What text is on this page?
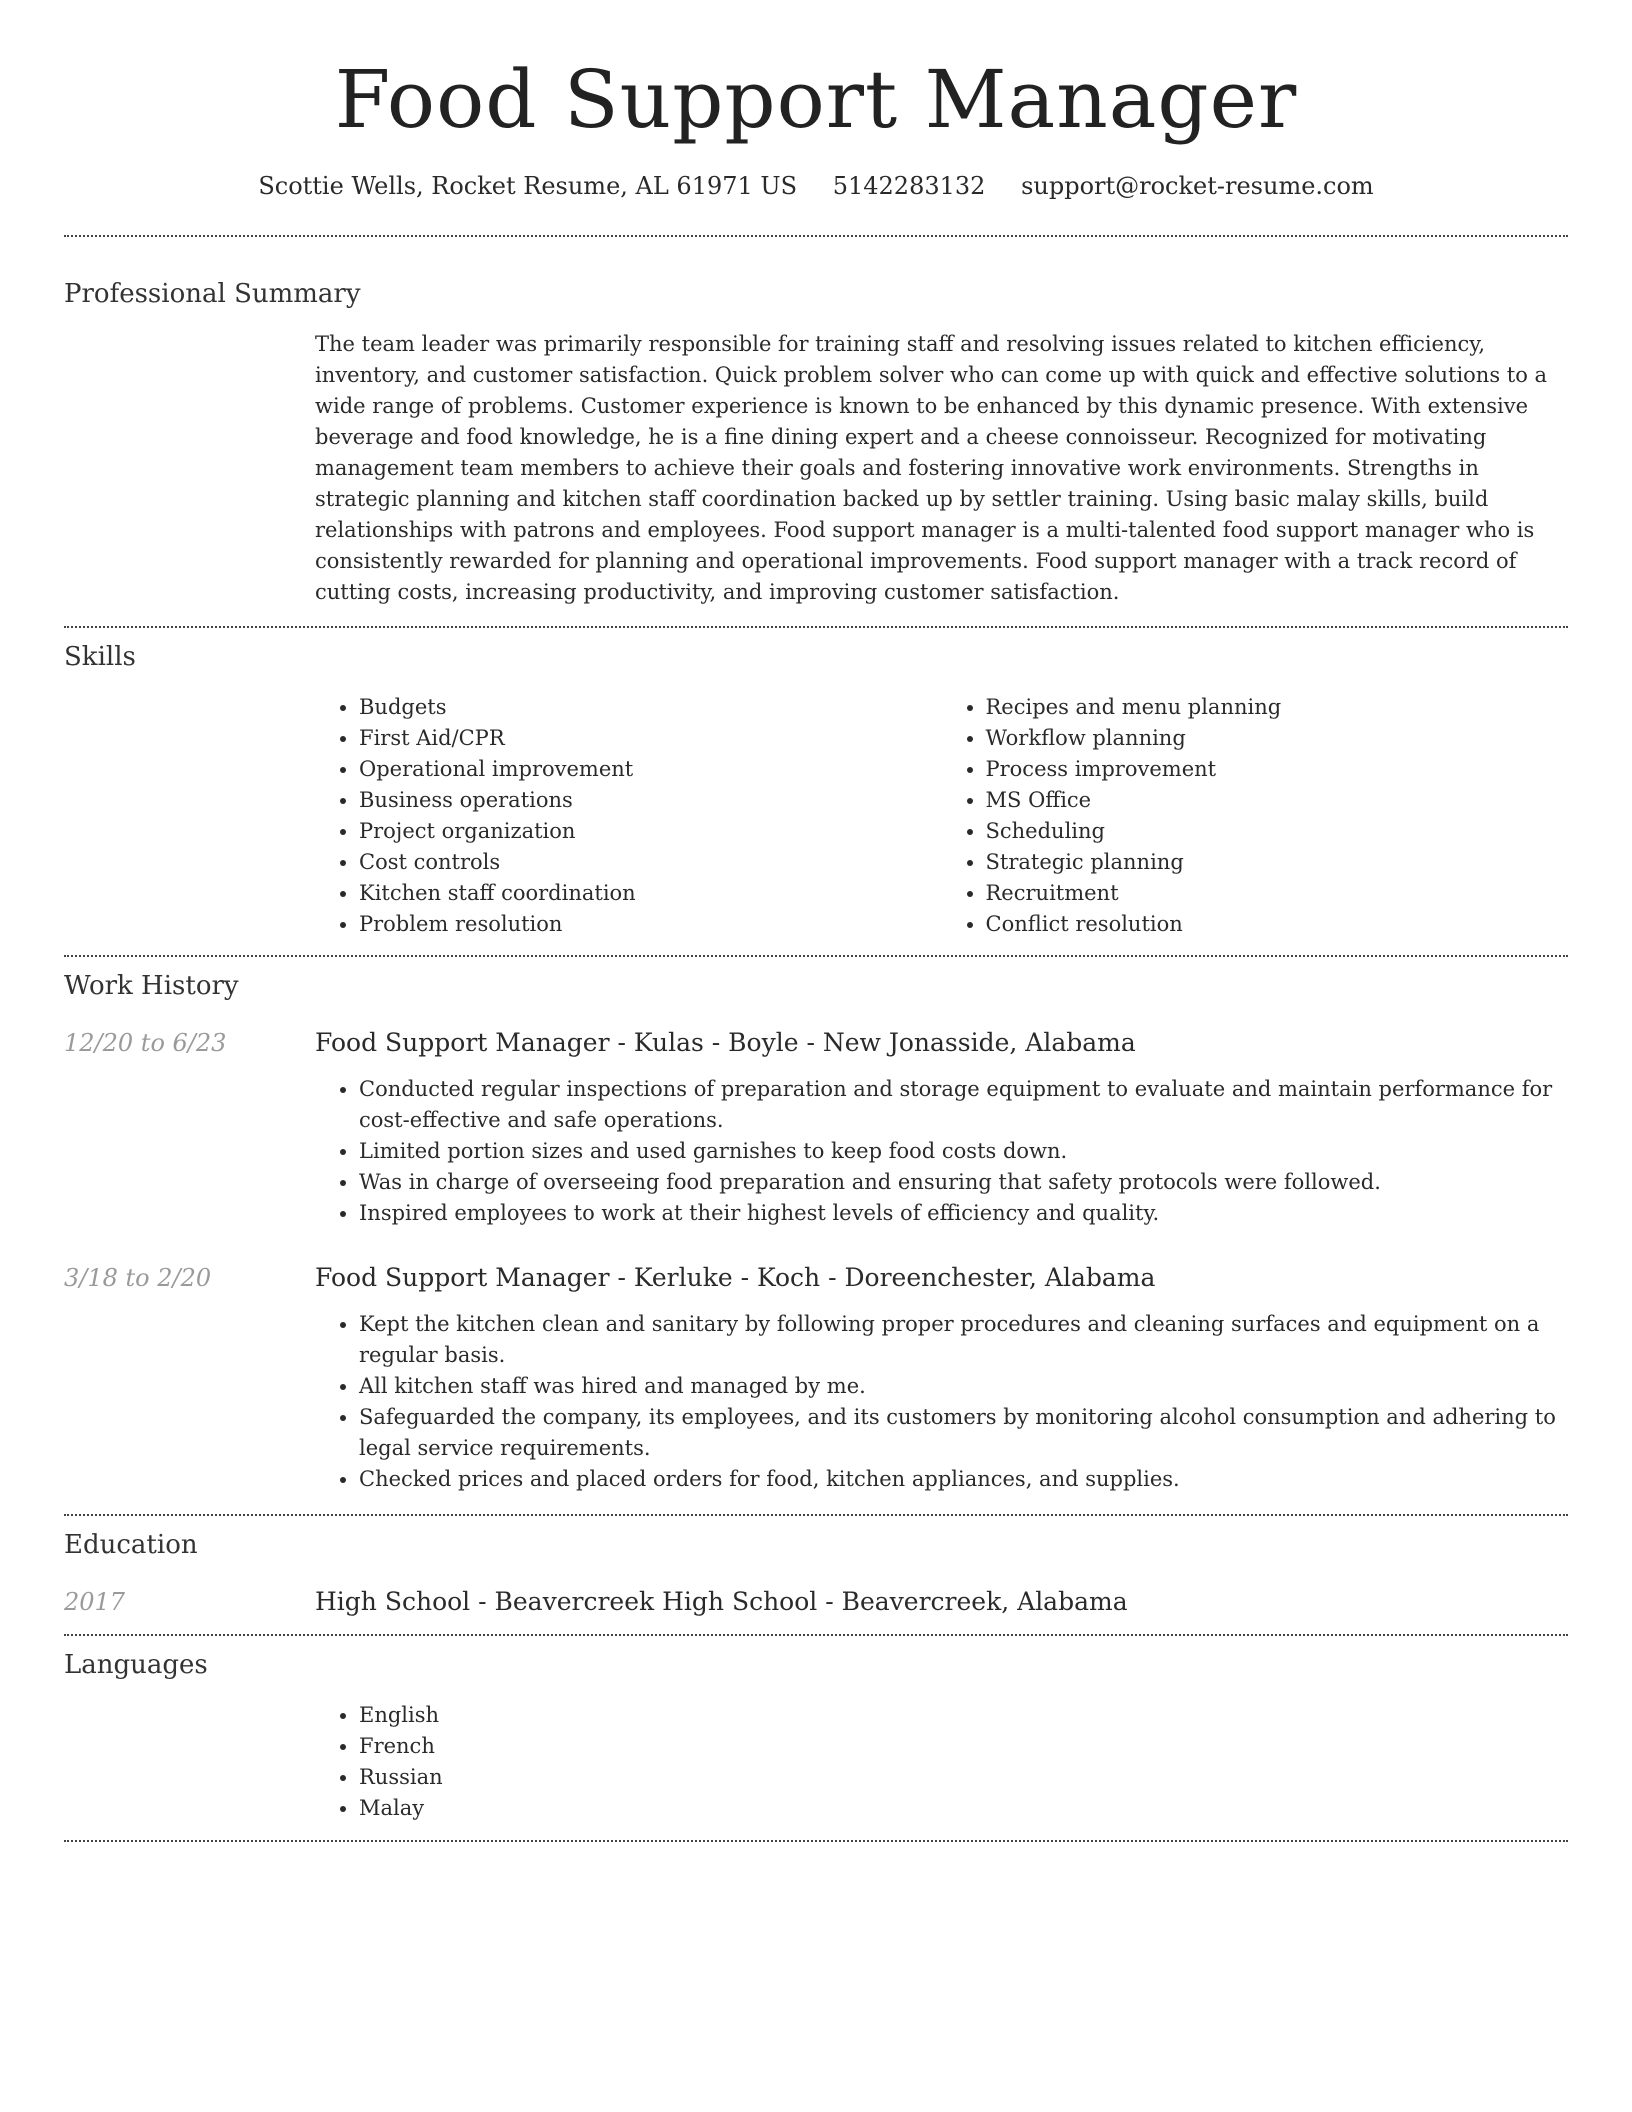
Food Support Manager
Scottie Wells, Rocket Resume, AL 61971 US 5142283132 support@rocket-resume.com
Professional Summary

The team leader was primarily responsible for training staff and resolving issues related to kitchen efficiency, inventory, and customer satisfaction. Quick problem solver who can come up with quick and effective solutions to a wide range of problems. Customer experience is known to be enhanced by this dynamic presence. With extensive beverage and food knowledge, he is a fine dining expert and a cheese connoisseur. Recognized for motivating management team members to achieve their goals and fostering innovative work environments. Strengths in strategic planning and kitchen staff coordination backed up by settler training. Using basic malay skills, build relationships with patrons and employees. Food support manager is a multi-talented food support manager who is consistently rewarded for planning and operational improvements. Food support manager with a track record of cutting costs, increasing productivity, and improving customer satisfaction.

Skills
• Budgets
• First Aid/CPR
• Operational improvement
• Business operations
• Project organization
• Cost controls
• Kitchen staff coordination
• Problem resolution
• Recipes and menu planning
• Workflow planning
• Process improvement
• MS Office
• Scheduling
• Strategic planning
• Recruitment
• Conflict resolution
Work History
12/20 to 6/23	Food Support Manager - Kulas - Boyle - New Jonasside, Alabama
• Conducted regular inspections of preparation and storage equipment to evaluate and maintain performance for cost-effective and safe operations.
• Limited portion sizes and used garnishes to keep food costs down.
• Was in charge of overseeing food preparation and ensuring that safety protocols were followed.
• Inspired employees to work at their highest levels of efficiency and quality.
3/18 to 2/20	Food Support Manager - Kerluke - Koch - Doreenchester, Alabama
• Kept the kitchen clean and sanitary by following proper procedures and cleaning surfaces and equipment on a regular basis.
• All kitchen staff was hired and managed by me.
• Safeguarded the company, its employees, and its customers by monitoring alcohol consumption and adhering to legal service requirements.
• Checked prices and placed orders for food, kitchen appliances, and supplies.
Education
2017	High School - Beavercreek High School - Beavercreek, Alabama
Languages
• English
• French
• Russian
• Malay
